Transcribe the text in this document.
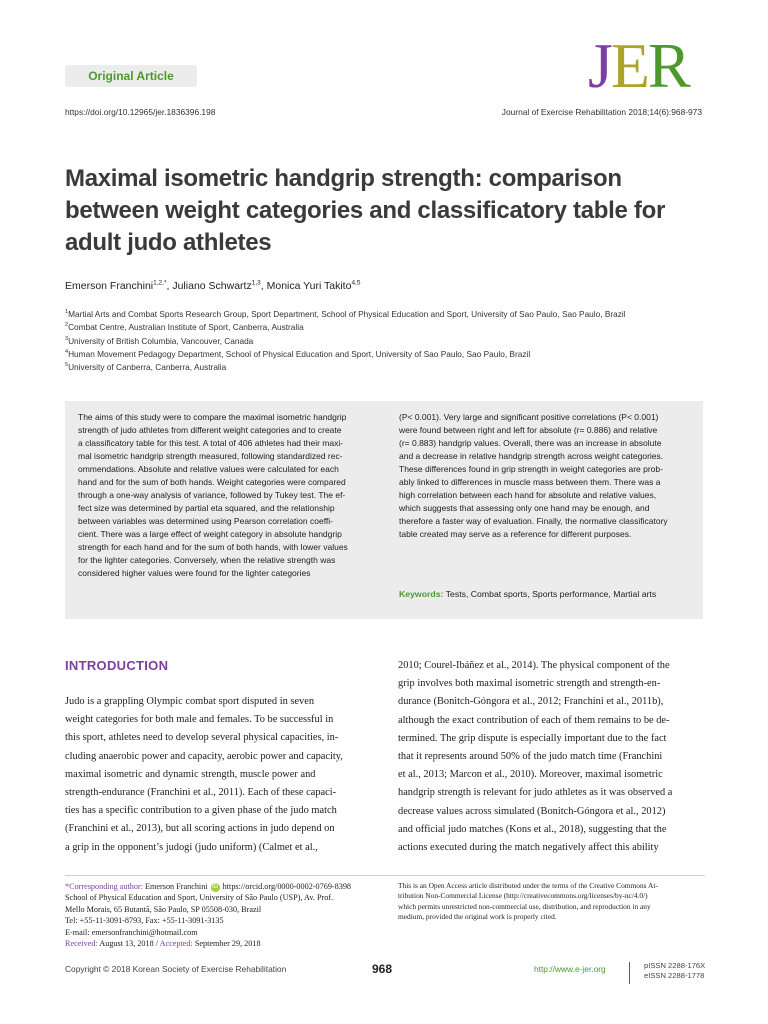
Original Article	JER
https://doi.org/10.12965/jer.1836396.198	Journal of Exercise Rehabilitation 2018;14(6):968-973
Maximal isometric handgrip strength: comparison
between weight categories and classificatory table for
adult judo athletes
Emerson Franchini$^{1,2,*}$, Juliano Schwartz$^{1,3}$, Monica Yuri Takito$^{4,5}$
$^1$Martial Arts and Combat Sports Research Group, Sport Department, School of Physical Education and Sport, University of Sao Paulo, Sao Paulo, Brazil
$^2$Combat Centre, Australian Institute of Sport, Canberra, Australia
$^3$University of British Columbia, Vancouver, Canada
$^4$Human Movement Pedagogy Department, School of Physical Education and Sport, University of Sao Paulo, Sao Paulo, Brazil
$^5$University of Canberra, Canberra, Australia
The aims of this study were to compare the maximal isometric handgrip
strength of judo athletes from different weight categories and to create
a classificatory table for this test. A total of 406 athletes had their maxi-
mal isometric handgrip strength measured, following standardized rec-
ommendations. Absolute and relative values were calculated for each
hand and for the sum of both hands. Weight categories were compared
through a one-way analysis of variance, followed by Tukey test. The ef-
fect size was determined by partial eta squared, and the relationship
between variables was determined using Pearson correlation coeffi-
cient. There was a large effect of weight category in absolute handgrip
strength for each hand and for the sum of both hands, with lower values
for the lighter categories. Conversely, when the relative strength was
considered higher values were found for the lighter categories
(P< 0.001). Very large and significant positive correlations (P< 0.001)
were found between right and left for absolute (r= 0.886) and relative
(r= 0.883) handgrip values. Overall, there was an increase in absolute
and a decrease in relative handgrip strength across weight categories.
These differences found in grip strength in weight categories are prob-
ably linked to differences in muscle mass between them. There was a
high correlation between each hand for absolute and relative values,
which suggests that assessing only one hand may be enough, and
therefore a faster way of evaluation. Finally, the normative classificatory
table created may serve as a reference for different purposes.
Keywords: Tests, Combat sports, Sports performance, Martial arts
INTRODUCTION
Judo is a grappling Olympic combat sport disputed in seven
weight categories for both male and females. To be successful in
this sport, athletes need to develop several physical capacities, in-
cluding anaerobic power and capacity, aerobic power and capacity,
maximal isometric and dynamic strength, muscle power and
strength-endurance (Franchini et al., 2011). Each of these capaci-
ties has a specific contribution to a given phase of the judo match
(Franchini et al., 2013), but all scoring actions in judo depend on
a grip in the opponent’s judogi (judo uniform) (Calmet et al.,
2010; Courel-Ibáñez et al., 2014). The physical component of the
grip involves both maximal isometric strength and strength-en-
durance (Bonitch-Góngora et al., 2012; Franchini et al., 2011b),
although the exact contribution of each of them remains to be de-
termined. The grip dispute is especially important due to the fact
that it represents around 50% of the judo match time (Franchini
et al., 2013; Marcon et al., 2010). Moreover, maximal isometric
handgrip strength is relevant for judo athletes as it was observed a
decrease values across simulated (Bonitch-Góngora et al., 2012)
and official judo matches (Kons et al., 2018), suggesting that the
actions executed during the match negatively affect this ability
*Corresponding author: Emerson Franchini iD https://orcid.org/0000-0002-0769-8398
School of Physical Education and Sport, University of São Paulo (USP), Av. Prof.
Mello Morais, 65 Butantã, São Paulo, SP 05508-030, Brazil
Tel: +55-11-3091-8793, Fax: +55-11-3091-3135
E-mail: emersonfranchini@hotmail.com
Received: August 13, 2018 / Accepted: September 29, 2018
This is an Open Access article distributed under the terms of the Creative Commons At-
tribution Non-Commercial License (http://creativecommons.org/licenses/by-nc/4.0/)
which permits unrestricted non-commercial use, distribution, and reproduction in any
medium, provided the original work is properly cited.
Copyright © 2018 Korean Society of Exercise Rehabilitation	968	http://www.e-jer.org	pISSN 2288-176X
eISSN 2288-1778
